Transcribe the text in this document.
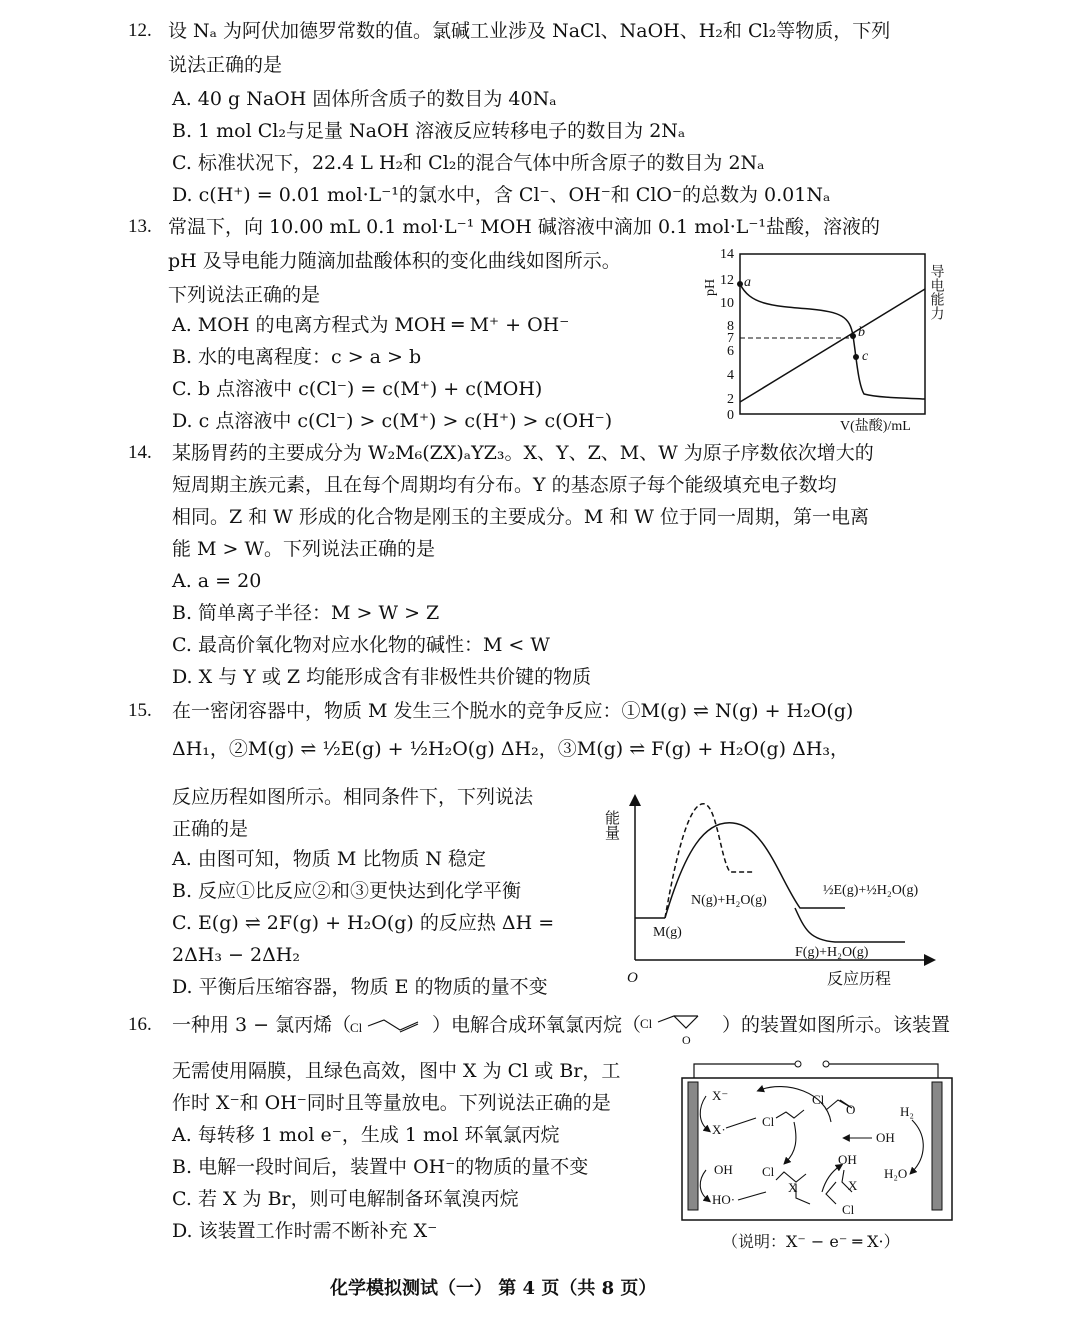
12. 设 Nₐ 为阿伏加德罗常数的值。氯碱工业涉及 NaCl、NaOH、H₂和 Cl₂等物质，下列
说法正确的是
A. 40 g NaOH 固体所含质子的数目为 40Nₐ
B. 1 mol Cl₂与足量 NaOH 溶液反应转移电子的数目为 2Nₐ
C. 标准状况下，22.4 L H₂和 Cl₂的混合气体中所含原子的数目为 2Nₐ
D. c(H⁺) = 0.01 mol·L⁻¹的氯水中，含 Cl⁻、OH⁻和 ClO⁻的总数为 0.01Nₐ
13. 常温下，向 10.00 mL 0.1 mol·L⁻¹ MOH 碱溶液中滴加 0.1 mol·L⁻¹盐酸，溶液的
pH 及导电能力随滴加盐酸体积的变化曲线如图所示。
下列说法正确的是
A. MOH 的电离方程式为 MOH ═ M⁺ + OH⁻
B. 水的电离程度：c > a > b
C. b 点溶液中 c(Cl⁻) = c(M⁺) + c(MOH)
D. c 点溶液中 c(Cl⁻) > c(M⁺) > c(H⁺) > c(OH⁻)
14
12
10
8
7
6
4
2
0
pH	导电能力
V(盐酸)/mL
a
b
c
14. 某肠胃药的主要成分为 W₂M₆(ZX)ₐYZ₃。X、Y、Z、M、W 为原子序数依次增大的
短周期主族元素，且在每个周期均有分布。Y 的基态原子每个能级填充电子数均
相同。Z 和 W 形成的化合物是刚玉的主要成分。M 和 W 位于同一周期，第一电离
能 M > W。下列说法正确的是
A. a = 20
B. 简单离子半径：M > W > Z
C. 最高价氧化物对应水化物的碱性：M < W
D. X 与 Y 或 Z 均能形成含有非极性共价键的物质
15. 在一密闭容器中，物质 M 发生三个脱水的竞争反应：①M(g) ⇌ N(g) + H₂O(g)
ΔH₁，②M(g) ⇌ ½E(g) + ½H₂O(g) ΔH₂，③M(g) ⇌ F(g) + H₂O(g) ΔH₃，
反应历程如图所示。相同条件下，下列说法
正确的是
A. 由图可知，物质 M 比物质 N 稳定
B. 反应①比反应②和③更快达到化学平衡
C. E(g) ⇌ 2F(g) + H₂O(g) 的反应热 ΔH =
2ΔH₃ − 2ΔH₂
D. 平衡后压缩容器，物质 E 的物质的量不变	O
能量
反应历程
M(g)
N(g)+H₂O(g)
½E(g)+½H₂O(g)
F(g)+H₂O(g)
16. 一种用 3 − 氯丙烯（
Cl	）电解合成环氧氯丙烷（
Cl
O
）的装置如图所示。该装置
无需使用隔膜，且绿色高效，图中 X 为 Cl 或 Br，工
作时 X⁻和 OH⁻同时且等量放电。下列说法正确的是
A. 每转移 1 mol e⁻，生成 1 mol 环氧氯丙烷
B. 电解一段时间后，装置中 OH⁻的物质的量不变
C. 若 X 为 Br，则可电解制备环氧溴丙烷
D. 该装置工作时需不断补充 X⁻
X⁻
X·
Cl
Cl
O	H₂
OH
H₂O
OH
HO·
Cl
X
OH
X
Cl
（说明：X⁻ − e⁻ ═ X·）
化学模拟测试（一） 第 4 页（共 8 页）
